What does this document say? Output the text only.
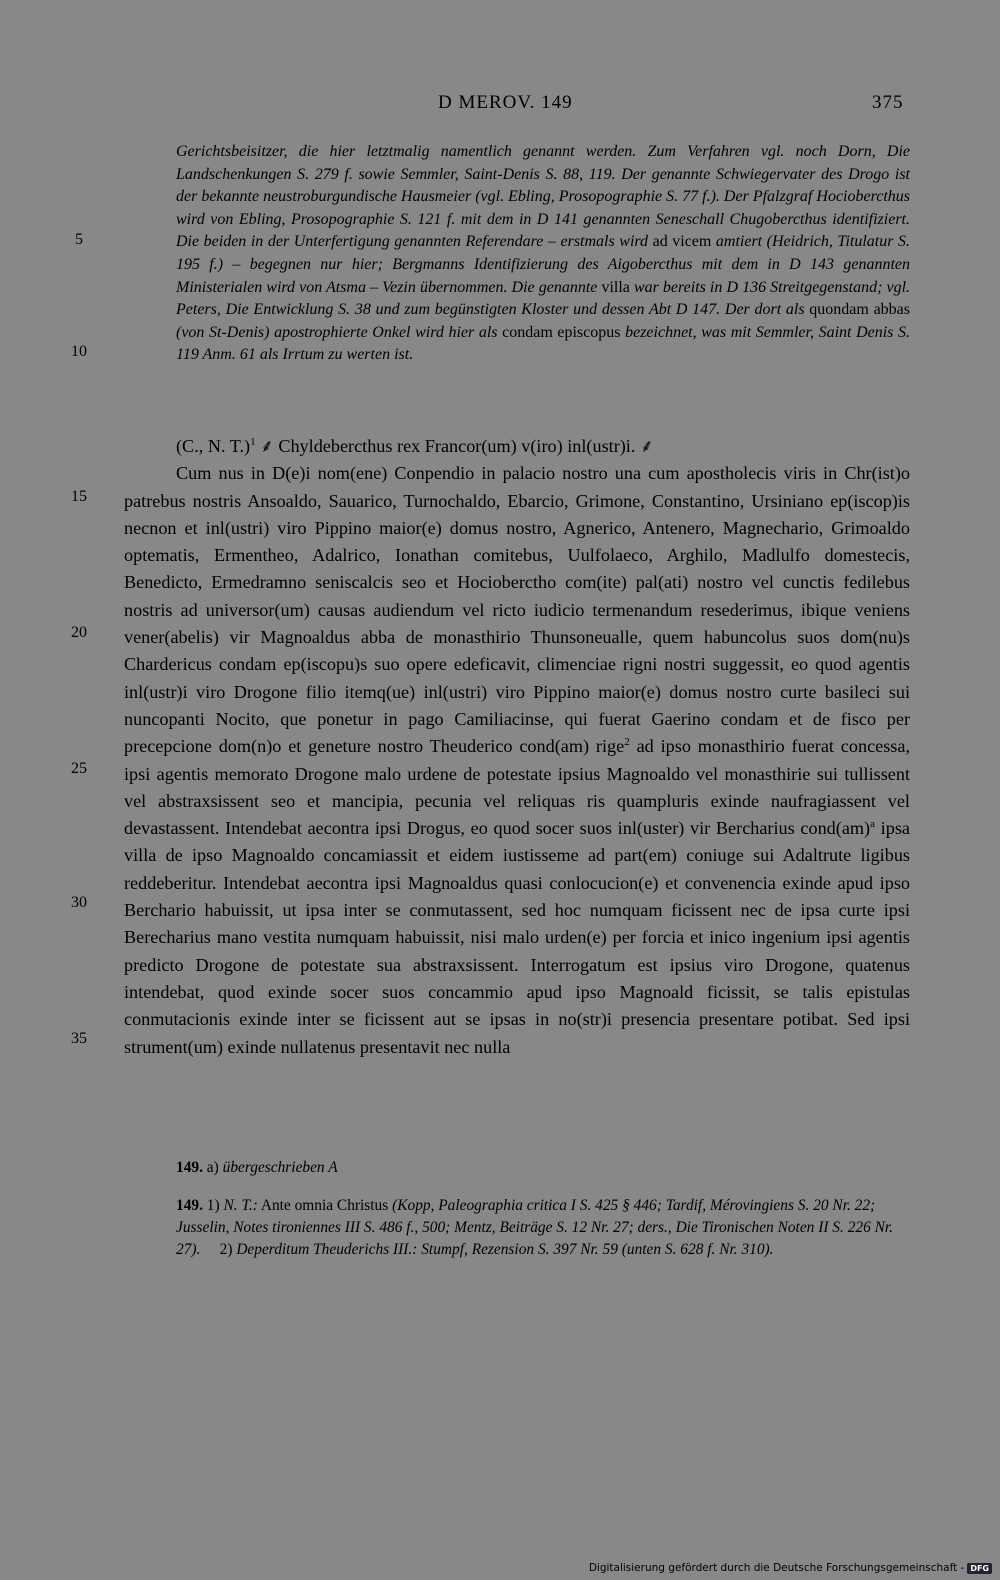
D MEROV. 149	375
Gerichtsbeisitzer, die hier letztmalig namentlich genannt werden. Zum Verfahren vgl. noch Dorn, Die Landschenkungen S. 279 f. sowie Semmler, Saint-Denis S. 88, 119. Der genannte Schwiegervater des Drogo ist der bekannte neustroburgundische Hausmeier (vgl. Ebling, Prosopographie S. 77 f.). Der Pfalzgraf Hociobercthus wird von Ebling, Prosopographie S. 121 f. mit dem in D 141 genannten Seneschall Chugobercthus identifiziert. Die beiden in der Unterfertigung genannten Referendare – erstmals wird ad vicem amtiert (Heidrich, Titulatur S. 195 f.) – begegnen nur hier; Bergmanns Identifizierung des Aigobercthus mit dem in D 143 genannten Ministerialen wird von Atsma – Vezin übernommen. Die genannte villa war bereits in D 136 Streitgegenstand; vgl. Peters, Die Entwicklung S. 38 und zum begünstigten Kloster und dessen Abt D 147. Der dort als quondam abbas (von St-Denis) apostrophierte Onkel wird hier als condam episcopus bezeichnet, was mit Semmler, Saint Denis S. 119 Anm. 61 als Irrtum zu werten ist.
5
10
15
20
25
30
35
(C., N. T.)$^1$ ⸙ Chyldebercthus rex Francor(um) v(iro) inl(ustr)i. ⸙

Cum nus in D(e)i nom(ene) Conpendio in palacio nostro una cum apostholecis viris in Chr(ist)o patrebus nostris Ansoaldo, Sauarico, Turnochaldo, Ebarcio, Grimone, Constantino, Ursiniano ep(iscop)is necnon et inl(ustri) viro Pippino maior(e) domus nostro, Agnerico, Antenero, Magnechario, Grimoaldo optematis, Ermentheo, Adalrico, Ionathan comitebus, Uulfolaeco, Arghilo, Madlulfo domestecis, Benedicto, Ermedramno seniscalcis seo et Hocioberctho com(ite) pal(ati) nostro vel cunctis fedilebus nostris ad universor(um) causas audiendum vel ricto iudicio termenandum resederimus, ibique veniens vener(abelis) vir Magnoaldus abba de monasthirio Thunsoneualle, quem habuncolus suos dom(nu)s Chardericus condam ep(iscopu)s suo opere edeficavit, climenciae rigni nostri suggessit, eo quod agentis inl(ustr)i viro Drogone filio itemq(ue) inl(ustri) viro Pippino maior(e) domus nostro curte basileci sui nuncopanti Nocito, que ponetur in pago Camiliacinse, qui fuerat Gaerino condam et de fisco per precepcione dom(n)o et geneture nostro Theuderico cond(am) rige$^2$ ad ipso monasthirio fuerat concessa, ipsi agentis memorato Drogone malo urdene de potestate ipsius Magnoaldo vel monasthirie sui tullissent vel abstraxsissent seo et mancipia, pecunia vel reliquas ris quampluris exinde naufragiassent vel devastassent. Intendebat aecontra ipsi Drogus, eo quod socer suos inl(uster) vir Bercharius cond(am)$^a$ ipsa villa de ipso Magnoaldo concamiassit et eidem iustisseme ad part(em) coniuge sui Adaltrute ligibus reddeberitur. Intendebat aecontra ipsi Magnoaldus quasi conlocucion(e) et convenencia exinde apud ipso Berchario habuissit, ut ipsa inter se conmutassent, sed hoc numquam ficissent nec de ipsa curte ipsi Berecharius mano vestita numquam habuissit, nisi malo urden(e) per forcia et inico ingenium ipsi agentis predicto Drogone de potestate sua abstraxsissent. Interrogatum est ipsius viro Drogone, quatenus intendebat, quod exinde socer suos concammio apud ipso Magnoald ficissit, se talis epistulas conmutacionis exinde inter se ficissent aut se ipsas in no(str)i presencia presentare potibat. Sed ipsi strument(um) exinde nullatenus presentavit nec nulla

149. a) übergeschrieben A

149. 1) N. T.: Ante omnia Christus (Kopp, Paleographia critica I S. 425 § 446; Tardif, Mérovingiens S. 20 Nr. 22; Jusselin, Notes tironiennes III S. 486 f., 500; Mentz, Beiträge S. 12 Nr. 27; ders., Die Tironischen Noten II S. 226 Nr. 27). 2) Deperditum Theuderichs III.: Stumpf, Rezension S. 397 Nr. 59 (unten S. 628 f. Nr. 310).

Digitalisierung gefördert durch die Deutsche Forschungsgemeinschaft - DFG
